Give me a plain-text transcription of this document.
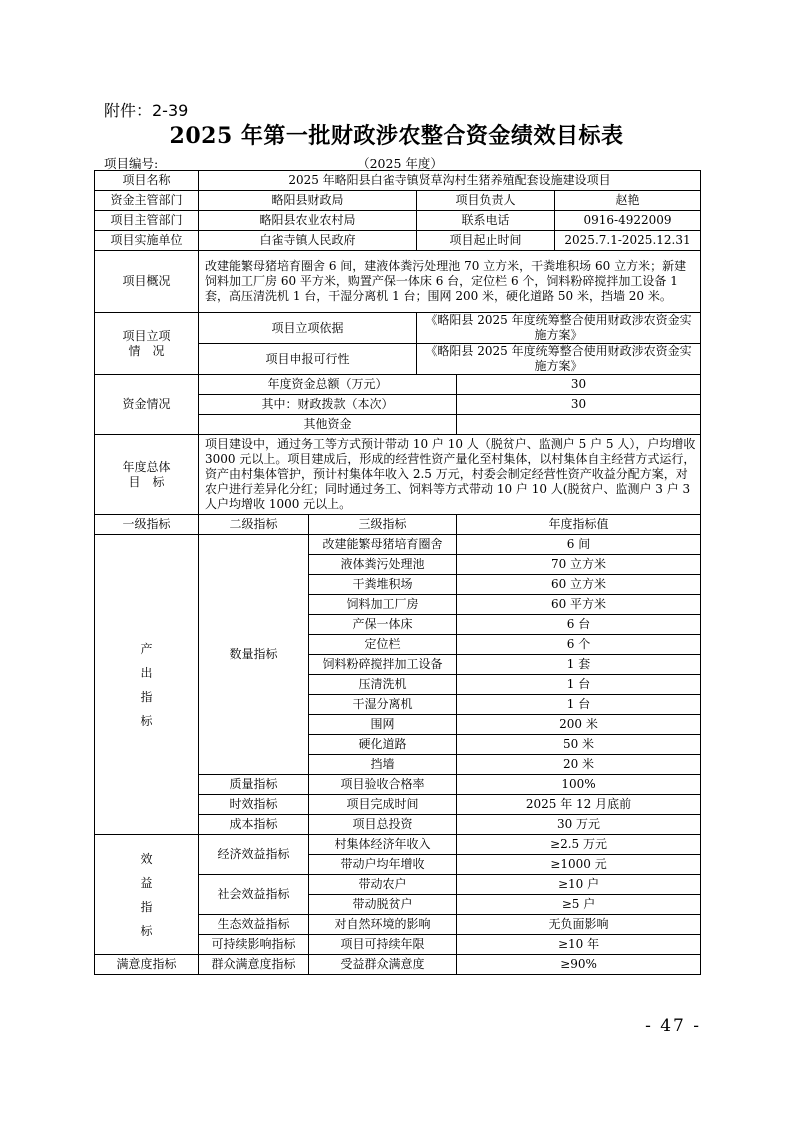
附件：2-39
2025 年第一批财政涉农整合资金绩效目标表
项目编号:	（2025 年度）
项目名称	2025 年略阳县白雀寺镇贤草沟村生猪养殖配套设施建设项目				
资金主管部门	略阳县财政局		项目负责人		赵艳
项目主管部门	略阳县农业农村局		联系电话		0916-4922009
项目实施单位	白雀寺镇人民政府		项目起止时间		2025.7.1-2025.12.31
项目概况	改建能繁母猪培育圈舍 6 间，建液体粪污处理池 70 立方米，干粪堆积场 60 立方米；新建饲料加工厂房 60 平方米，购置产保一体床 6 台，定位栏 6 个，饲料粉碎搅拌加工设备 1 套，高压清洗机 1 台，干湿分离机 1 台；围网 200 米，硬化道路 50 米，挡墙 20 米。				

项目立项
情　况	项目立项依据		《略阳县 2025 年度统筹整合使用财政涉农资金实施方案》		
	项目申报可行性		《略阳县 2025 年度统筹整合使用财政涉农资金实施方案》		
资金情况	年度资金总额（万元）			30	
	其中：财政拨款（本次）			30	
	其他资金				

年度总体
目　标	项目建设中，通过务工等方式预计带动 10 户 10 人（脱贫户、监测户 5 户 5 人），户均增收 3000 元以上。项目建成后，形成的经营性资产量化至村集体，以村集体自主经营方式运行，资产由村集体管护，预计村集体年收入 2.5 万元，村委会制定经营性资产收益分配方案，对农户进行差异化分红；同时通过务工、饲料等方式带动 10 户 10 人(脱贫户、监测户 3 户 3 人户均增收 1000 元以上。				
一级指标	二级指标	三级指标		年度指标值	
产
出
指
标	数量指标	改建能繁母猪培育圈舍		6 间	
		液体粪污处理池		70 立方米	
		干粪堆积场		60 立方米	
		饲料加工厂房		60 平方米	
		产保一体床		6 台	
		定位栏		6 个	
		饲料粉碎搅拌加工设备		1 套	
		压清洗机		1 台	
		干湿分离机		1 台	
		围网		200 米	
		硬化道路		50 米	
		挡墙		20 米	
	质量指标	项目验收合格率		100%	
	时效指标	项目完成时间		2025 年 12 月底前	
	成本指标	项目总投资		30 万元	
效
益
指
标	经济效益指标	村集体经济年收入		≥2.5 万元	
		带动户均年增收		≥1000 元	
	社会效益指标	带动农户		≥10 户	
		带动脱贫户		≥5 户	
	生态效益指标	对自然环境的影响		无负面影响	
	可持续影响指标	项目可持续年限		≥10 年	
满意度指标	群众满意度指标	受益群众满意度		≥90%	
- 47 -
